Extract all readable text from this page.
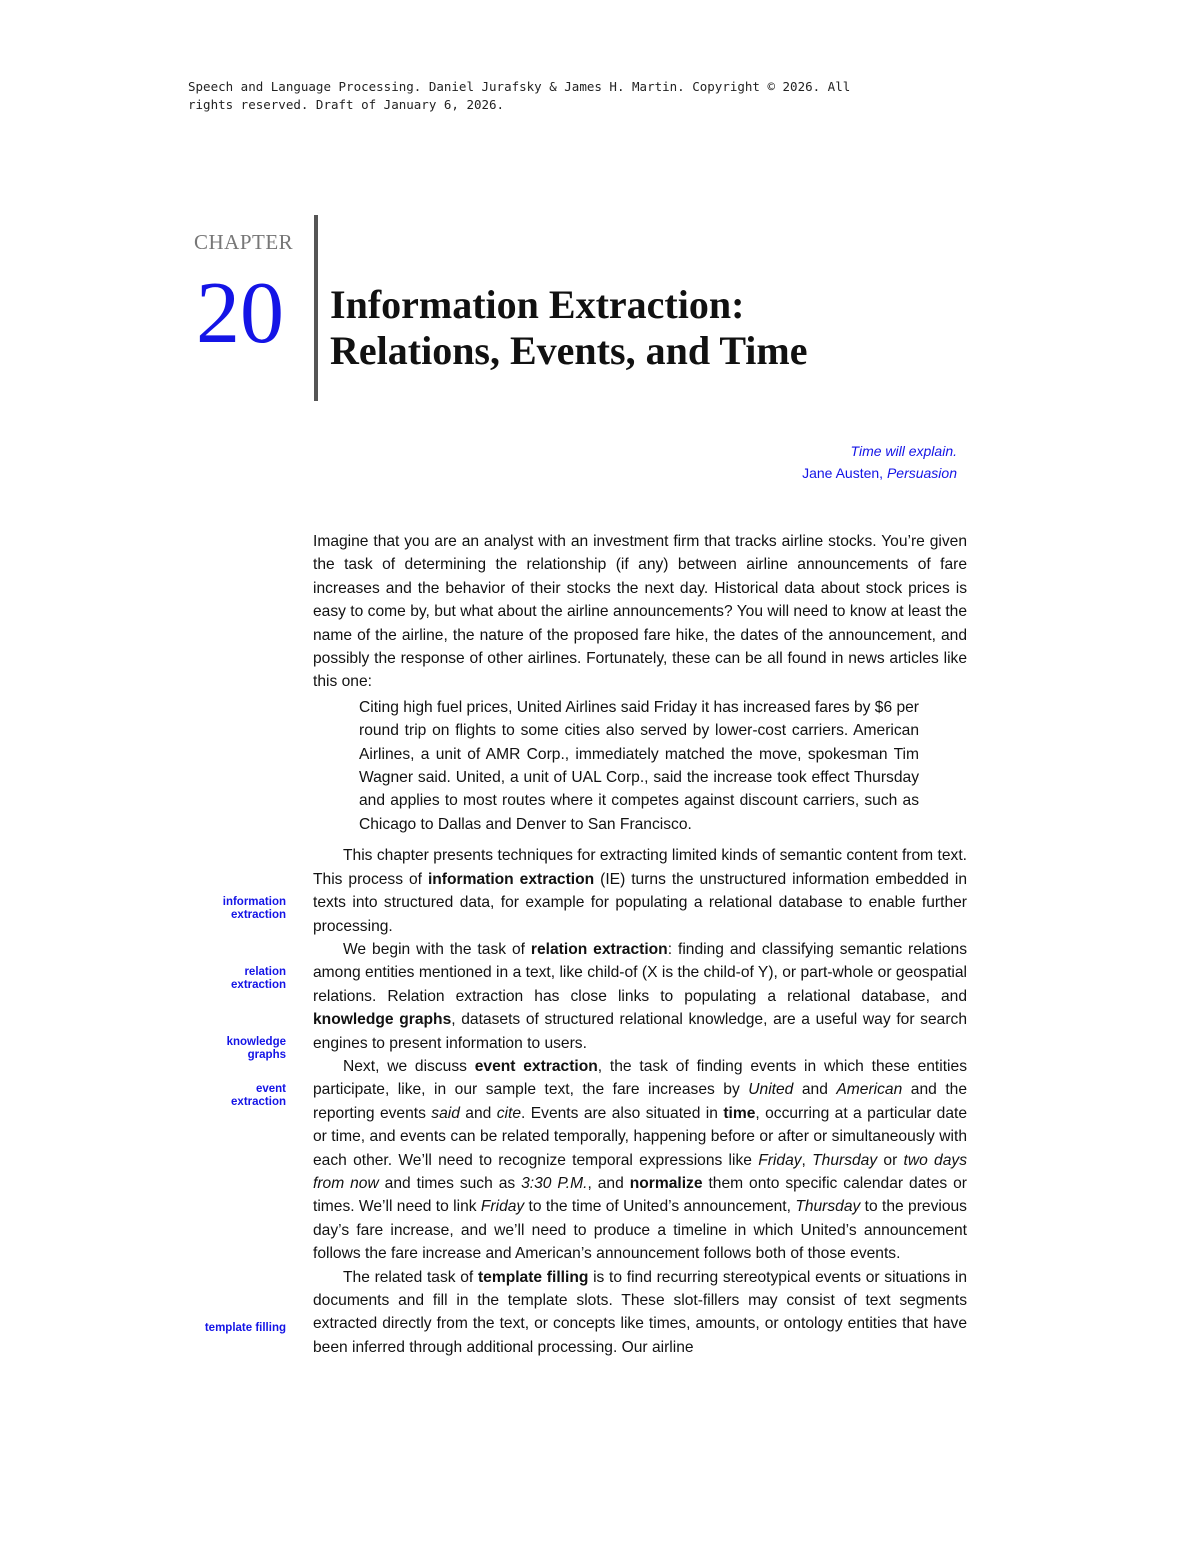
Speech and Language Processing. Daniel Jurafsky & James H. Martin. Copyright © 2026. All
rights reserved. Draft of January 6, 2026.
CHAPTER
20 Information Extraction:
Relations, Events, and Time
Time will explain.
Jane Austen, Persuasion

Imagine that you are an analyst with an investment firm that tracks airline stocks. You’re given the task of determining the relationship (if any) between airline announcements of fare increases and the behavior of their stocks the next day. Historical data about stock prices is easy to come by, but what about the airline announcements? You will need to know at least the name of the airline, the nature of the proposed fare hike, the dates of the announcement, and possibly the response of other airlines. Fortunately, these can be all found in news articles like this one:

Citing high fuel prices, United Airlines said Friday it has increased fares by $6 per round trip on flights to some cities also served by lower-cost carriers. American Airlines, a unit of AMR Corp., immediately matched the move, spokesman Tim Wagner said. United, a unit of UAL Corp., said the increase took effect Thursday and applies to most routes where it competes against discount carriers, such as Chicago to Dallas and Denver to San Francisco.

This chapter presents techniques for extracting limited kinds of semantic content from text. This process of information extraction (IE) turns the unstructured information embedded in texts into structured data, for example for populating a relational database to enable further processing.

We begin with the task of relation extraction: finding and classifying semantic relations among entities mentioned in a text, like child-of (X is the child-of Y), or part-whole or geospatial relations. Relation extraction has close links to populating a relational database, and knowledge graphs, datasets of structured relational knowledge, are a useful way for search engines to present information to users.

Next, we discuss event extraction, the task of finding events in which these entities participate, like, in our sample text, the fare increases by United and American and the reporting events said and cite. Events are also situated in time, occurring at a particular date or time, and events can be related temporally, happening before or after or simultaneously with each other. We’ll need to recognize temporal expressions like Friday, Thursday or two days from now and times such as 3:30 P.M., and normalize them onto specific calendar dates or times. We’ll need to link Friday to the time of United’s announcement, Thursday to the previous day’s fare increase, and we’ll need to produce a timeline in which United’s announcement follows the fare increase and American’s announcement follows both of those events.

The related task of template filling is to find recurring stereotypical events or situations in documents and fill in the template slots. These slot-fillers may consist of text segments extracted directly from the text, or concepts like times, amounts, or ontology entities that have been inferred through additional processing. Our airline

information
extraction
relation
extraction
knowledge
graphs
event
extraction
template filling
